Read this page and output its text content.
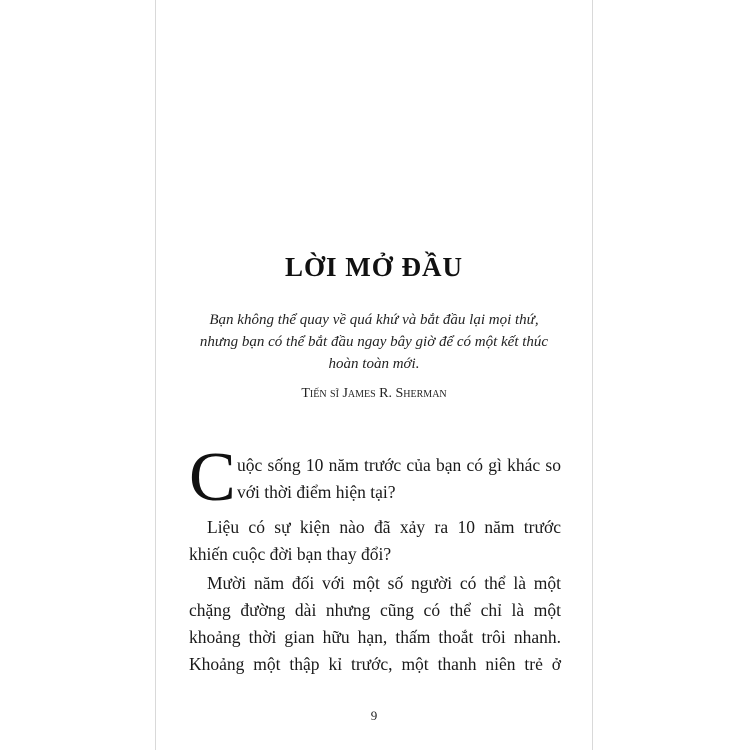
LỜI MỞ ĐẦU
Bạn không thể quay về quá khứ và bắt đầu lại mọi thứ,
nhưng bạn có thể bắt đầu ngay bây giờ để có một kết thúc
hoàn toàn mới.
Tiến sĩ James R. Sherman
C uộc sống 10 năm trước của bạn có gì khác so
với thời điểm hiện tại?
Liệu có sự kiện nào đã xảy ra 10 năm trước
khiến cuộc đời bạn thay đổi?
Mười năm đối với một số người có thể là một
chặng đường dài nhưng cũng có thể chỉ là một
khoảng thời gian hữu hạn, thấm thoắt trôi nhanh.
Khoảng một thập kỉ trước, một thanh niên trẻ ở
9
